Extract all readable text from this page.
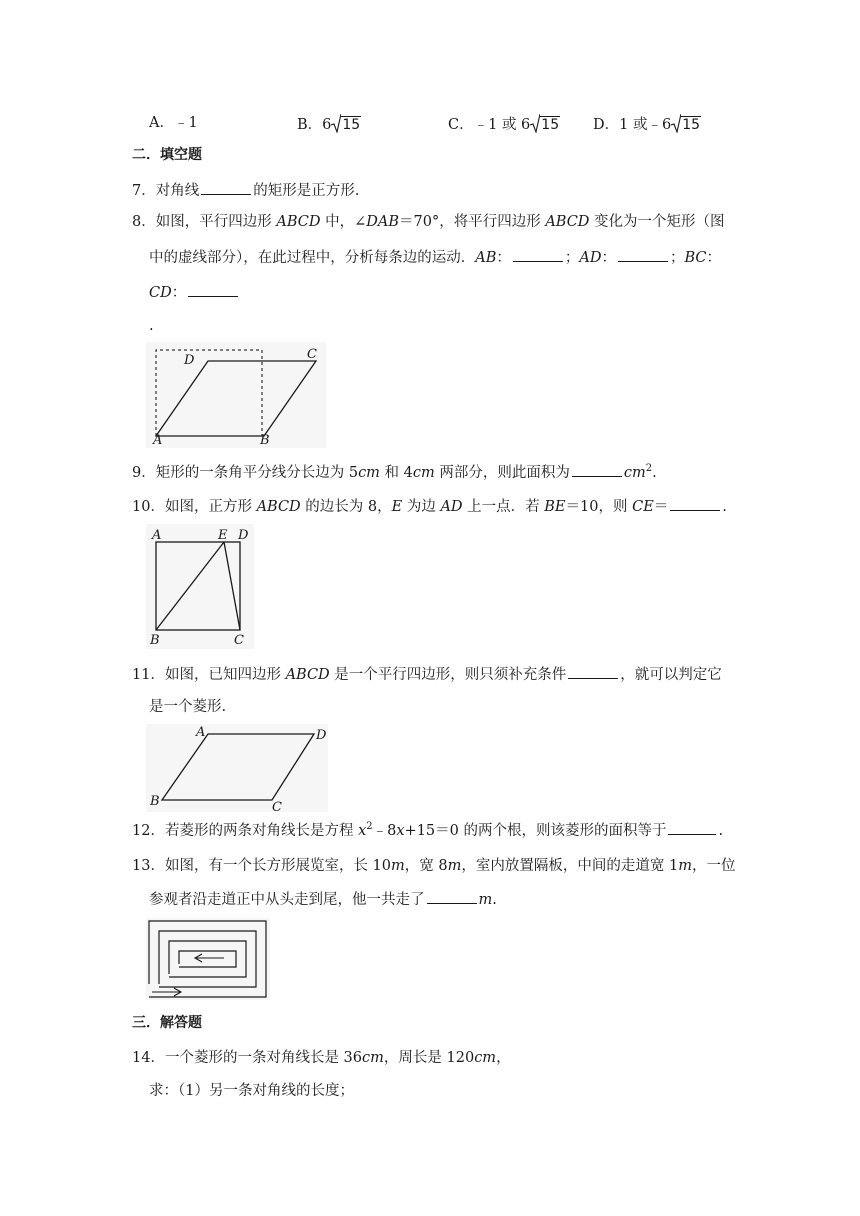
A．﹣1	B．6 15	C．﹣1 或 6 15 D．1 或﹣6 15
二．填空题
7．对角线	的矩形是正方形.
8．如图，平行四边形 ABCD 中，∠DAB＝70°，将平行四边形 ABCD 变化为一个矩形（图
中的虚线部分），在此过程中，分析每条边的运动．AB：	；AD：	；BC：
CD：
.
A	B
C
D
9．矩形的一条角平分线分长边为 5cm 和 4cm 两部分，则此面积为	$cm^2$.
10．如图，正方形 ABCD 的边长为 8，E 为边 AD 上一点．若 BE＝10，则 CE＝	.
A	E D
B	C
11．如图，已知四边形 ABCD 是一个平行四边形，则只须补充条件	，就可以判定它
是一个菱形.
A	D
B	C
12．若菱形的两条对角线长是方程 $x^2﹣8x+15=0$ 的两个根，则该菱形的面积等于	.
13．如图，有一个长方形展览室，长 10m，宽 8m，室内放置隔板，中间的走道宽 1m，一位
参观者沿走道正中从头走到尾，他一共走了	m.
三．解答题
14．一个菱形的一条对角线长是 36cm，周长是 120cm，
求：（1）另一条对角线的长度；
